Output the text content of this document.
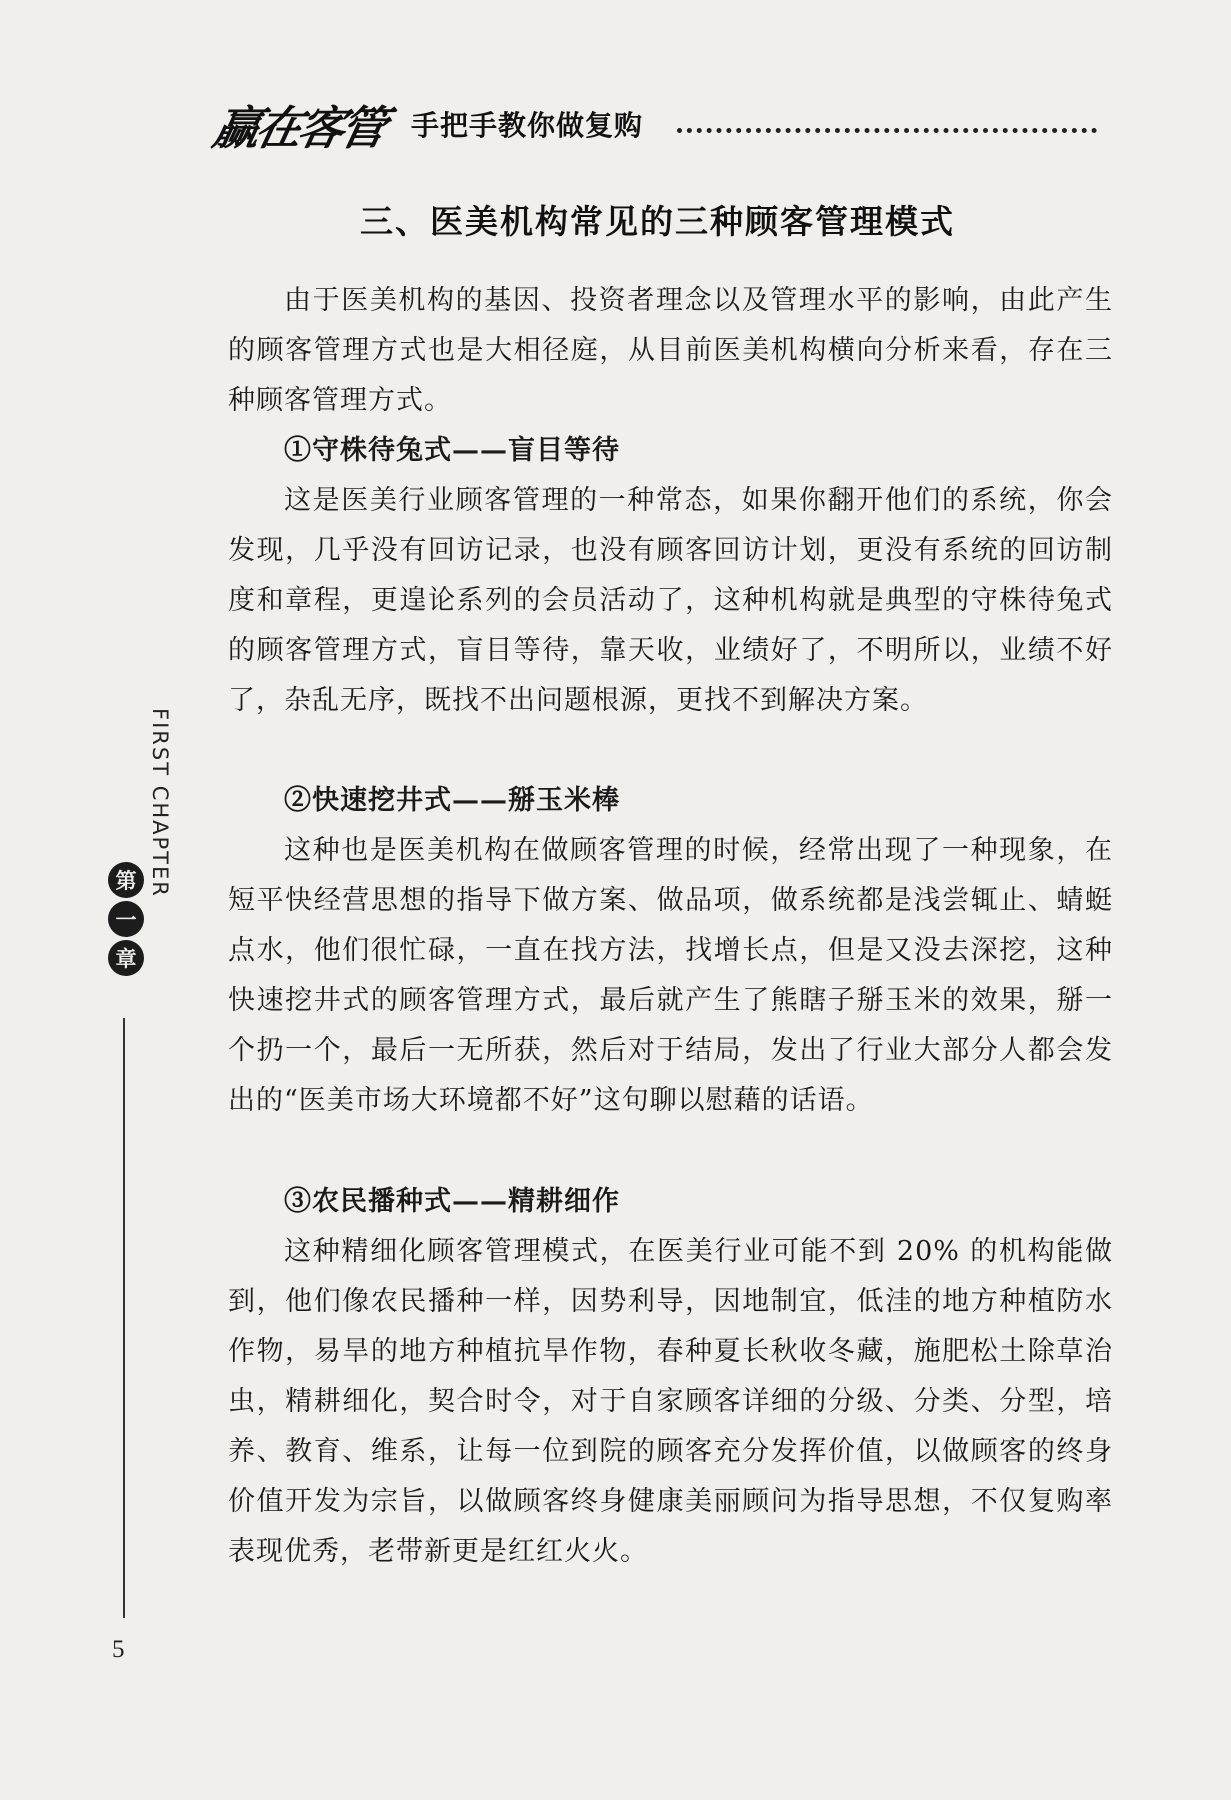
赢在客管 手把手教你做复购
三、医美机构常见的三种顾客管理模式

由于医美机构的基因、投资者理念以及管理水平的影响，由此产生的顾客管理方式也是大相径庭，从目前医美机构横向分析来看，存在三种顾客管理方式。

①守株待兔式——盲目等待

这是医美行业顾客管理的一种常态，如果你翻开他们的系统，你会发现，几乎没有回访记录，也没有顾客回访计划，更没有系统的回访制度和章程，更遑论系列的会员活动了，这种机构就是典型的守株待兔式的顾客管理方式，盲目等待，靠天收，业绩好了，不明所以，业绩不好了，杂乱无序，既找不出问题根源，更找不到解决方案。

②快速挖井式——掰玉米棒

这种也是医美机构在做顾客管理的时候，经常出现了一种现象，在短平快经营思想的指导下做方案、做品项，做系统都是浅尝辄止、蜻蜓点水，他们很忙碌，一直在找方法，找增长点，但是又没去深挖，这种快速挖井式的顾客管理方式，最后就产生了熊瞎子掰玉米的效果，掰一个扔一个，最后一无所获，然后对于结局，发出了行业大部分人都会发出的“医美市场大环境都不好”这句聊以慰藉的话语。

③农民播种式——精耕细作

这种精细化顾客管理模式，在医美行业可能不到 20% 的机构能做到，他们像农民播种一样，因势利导，因地制宜，低洼的地方种植防水作物，易旱的地方种植抗旱作物，春种夏长秋收冬藏，施肥松土除草治虫，精耕细化，契合时令，对于自家顾客详细的分级、分类、分型，培养、教育、维系，让每一位到院的顾客充分发挥价值，以做顾客的终身价值开发为宗旨，以做顾客终身健康美丽顾问为指导思想，不仅复购率表现优秀，老带新更是红红火火。

FIRST CHAPTER
第
一
章
5
